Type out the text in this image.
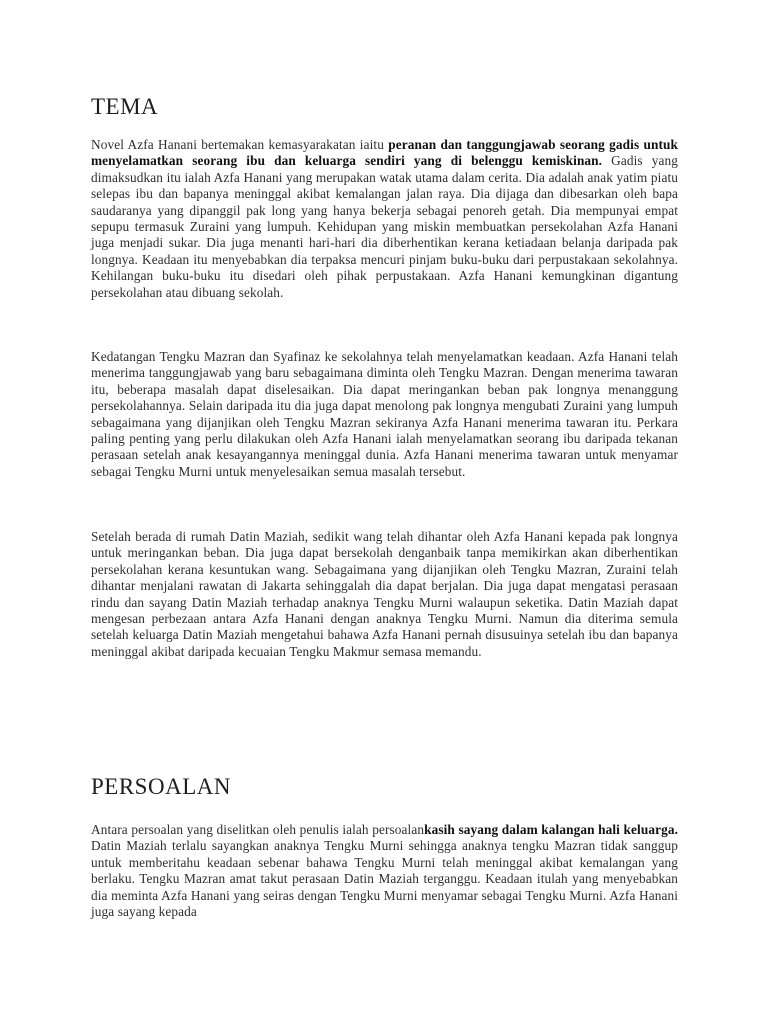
TEMA

Novel Azfa Hanani bertemakan kemasyarakatan iaitu peranan dan tanggungjawab seorang gadis untuk menyelamatkan seorang ibu dan keluarga sendiri yang di belenggu kemiskinan. Gadis yang dimaksudkan itu ialah Azfa Hanani yang merupakan watak utama dalam cerita. Dia adalah anak yatim piatu selepas ibu dan bapanya meninggal akibat kemalangan jalan raya. Dia dijaga dan dibesarkan oleh bapa saudaranya yang dipanggil pak long yang hanya bekerja sebagai penoreh getah. Dia mempunyai empat sepupu termasuk Zuraini yang lumpuh. Kehidupan yang miskin membuatkan persekolahan Azfa Hanani juga menjadi sukar. Dia juga menanti hari-hari dia diberhentikan kerana ketiadaan belanja daripada pak longnya. Keadaan itu menyebabkan dia terpaksa mencuri pinjam buku-buku dari perpustakaan sekolahnya. Kehilangan buku-buku itu disedari oleh pihak perpustakaan. Azfa Hanani kemungkinan digantung persekolahan atau dibuang sekolah.

Kedatangan Tengku Mazran dan Syafinaz ke sekolahnya telah menyelamatkan keadaan. Azfa Hanani telah menerima tanggungjawab yang baru sebagaimana diminta oleh Tengku Mazran. Dengan menerima tawaran itu, beberapa masalah dapat diselesaikan. Dia dapat meringankan beban pak longnya menanggung persekolahannya. Selain daripada itu dia juga dapat menolong pak longnya mengubati Zuraini yang lumpuh sebagaimana yang dijanjikan oleh Tengku Mazran sekiranya Azfa Hanani menerima tawaran itu. Perkara paling penting yang perlu dilakukan oleh Azfa Hanani ialah menyelamatkan seorang ibu daripada tekanan perasaan setelah anak kesayangannya meninggal dunia. Azfa Hanani menerima tawaran untuk menyamar sebagai Tengku Murni untuk menyelesaikan semua masalah tersebut.

Setelah berada di rumah Datin Maziah, sedikit wang telah dihantar oleh Azfa Hanani kepada pak longnya untuk meringankan beban. Dia juga dapat bersekolah denganbaik tanpa memikirkan akan diberhentikan persekolahan kerana kesuntukan wang. Sebagaimana yang dijanjikan oleh Tengku Mazran, Zuraini telah dihantar menjalani rawatan di Jakarta sehinggalah dia dapat berjalan. Dia juga dapat mengatasi perasaan rindu dan sayang Datin Maziah terhadap anaknya Tengku Murni walaupun seketika. Datin Maziah dapat mengesan perbezaan antara Azfa Hanani dengan anaknya Tengku Murni. Namun dia diterima semula setelah keluarga Datin Maziah mengetahui bahawa Azfa Hanani pernah disusuinya setelah ibu dan bapanya meninggal akibat daripada kecuaian Tengku Makmur semasa memandu.

PERSOALAN

Antara persoalan yang diselitkan oleh penulis ialah persoalankasih sayang dalam kalangan hali keluarga. Datin Maziah terlalu sayangkan anaknya Tengku Murni sehingga anaknya tengku Mazran tidak sanggup untuk memberitahu keadaan sebenar bahawa Tengku Murni telah meninggal akibat kemalangan yang berlaku. Tengku Mazran amat takut perasaan Datin Maziah terganggu. Keadaan itulah yang menyebabkan dia meminta Azfa Hanani yang seiras dengan Tengku Murni menyamar sebagai Tengku Murni. Azfa Hanani juga sayang kepada
